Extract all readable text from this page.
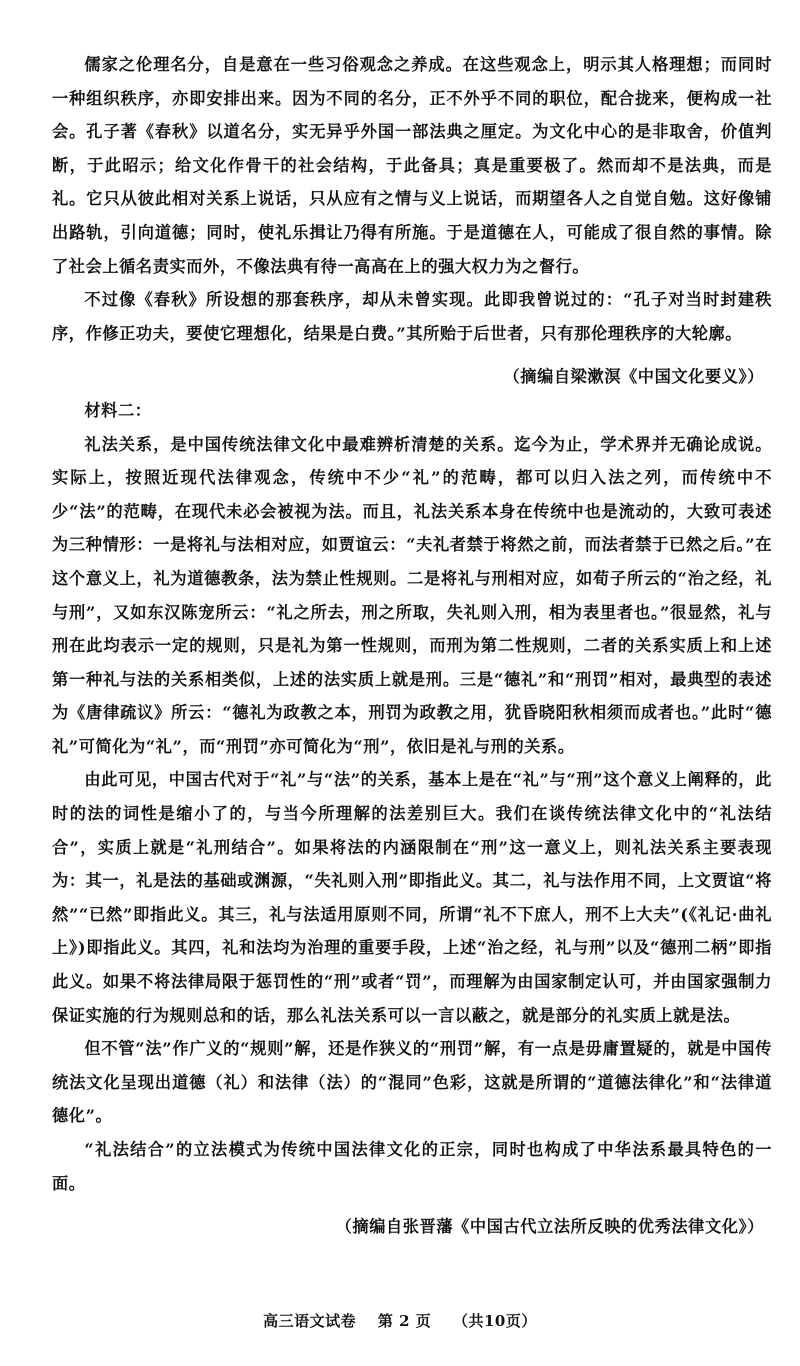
儒家之伦理名分，自是意在一些习俗观念之养成。在这些观念上，明示其人格理想；而同时一种组织秩序，亦即安排出来。因为不同的名分，正不外乎不同的职位，配合拢来，便构成一社会。孔子著《春秋》以道名分，实无异乎外国一部法典之厘定。为文化中心的是非取舍，价值判断，于此昭示；给文化作骨干的社会结构，于此备具；真是重要极了。然而却不是法典，而是礼。它只从彼此相对关系上说话，只从应有之情与义上说话，而期望各人之自觉自勉。这好像铺出路轨，引向道德；同时，使礼乐揖让乃得有所施。于是道德在人，可能成了很自然的事情。除了社会上循名责实而外，不像法典有待一高高在上的强大权力为之督行。

不过像《春秋》所设想的那套秩序，却从未曾实现。此即我曾说过的：“孔子对当时封建秩序，作修正功夫，要使它理想化，结果是白费。”其所贻于后世者，只有那伦理秩序的大轮廓。

（摘编自梁漱溟《中国文化要义》）

材料二：

礼法关系，是中国传统法律文化中最难辨析清楚的关系。迄今为止，学术界并无确论成说。实际上，按照近现代法律观念，传统中不少“礼”的范畴，都可以归入法之列，而传统中不少“法”的范畴，在现代未必会被视为法。而且，礼法关系本身在传统中也是流动的，大致可表述为三种情形：一是将礼与法相对应，如贾谊云：“夫礼者禁于将然之前，而法者禁于已然之后。”在这个意义上，礼为道德教条，法为禁止性规则。二是将礼与刑相对应，如荀子所云的“治之经，礼与刑”，又如东汉陈宠所云：“礼之所去，刑之所取，失礼则入刑，相为表里者也。”很显然，礼与刑在此均表示一定的规则，只是礼为第一性规则，而刑为第二性规则，二者的关系实质上和上述第一种礼与法的关系相类似，上述的法实质上就是刑。三是“德礼”和“刑罚”相对，最典型的表述为《唐律疏议》所云：“德礼为政教之本，刑罚为政教之用，犹昏晓阳秋相须而成者也。”此时“德礼”可简化为“礼”，而“刑罚”亦可简化为“刑”，依旧是礼与刑的关系。

由此可见，中国古代对于“礼”与“法”的关系，基本上是在“礼”与“刑”这个意义上阐释的，此时的法的词性是缩小了的，与当今所理解的法差别巨大。我们在谈传统法律文化中的“礼法结合”，实质上就是“礼刑结合”。如果将法的内涵限制在“刑”这一意义上，则礼法关系主要表现为：其一，礼是法的基础或渊源，“失礼则入刑”即指此义。其二，礼与法作用不同，上文贾谊“将然”“已然”即指此义。其三，礼与法适用原则不同，所谓“礼不下庶人，刑不上大夫”(《礼记·曲礼上》)即指此义。其四，礼和法均为治理的重要手段，上述“治之经，礼与刑”以及“德刑二柄”即指此义。如果不将法律局限于惩罚性的“刑”或者“罚”，而理解为由国家制定认可，并由国家强制力保证实施的行为规则总和的话，那么礼法关系可以一言以蔽之，就是部分的礼实质上就是法。

但不管“法”作广义的“规则”解，还是作狭义的“刑罚”解，有一点是毋庸置疑的，就是中国传统法文化呈现出道德（礼）和法律（法）的“混同”色彩，这就是所谓的“道德法律化”和“法律道德化”。

“礼法结合”的立法模式为传统中国法律文化的正宗，同时也构成了中华法系最具特色的一面。

（摘编自张晋藩《中国古代立法所反映的优秀法律文化》）

高三语文试卷 第 2 页 （共10页）
